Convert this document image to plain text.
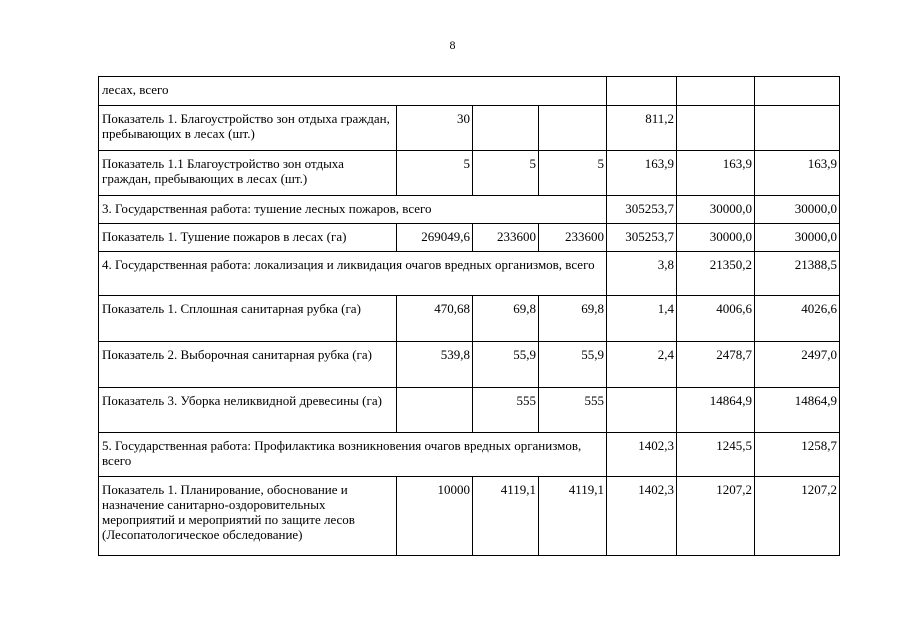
8
лесах, всего						
Показатель 1. Благоустройство зон отдыха граждан, пребывающих в лесах (шт.)	30			811,2		
Показатель 1.1 Благоустройство зон отдыха граждан, пребывающих в лесах (шт.)	5	5	5	163,9	163,9	163,9
3. Государственная работа: тушение лесных пожаров, всего				305253,7	30000,0	30000,0
Показатель 1. Тушение пожаров в лесах (га)	269049,6	233600	233600	305253,7	30000,0	30000,0
4. Государственная работа: локализация и ликвидация очагов вредных организмов, всего				3,8	21350,2	21388,5
Показатель 1. Сплошная санитарная рубка (га)	470,68	69,8	69,8	1,4	4006,6	4026,6
Показатель 2. Выборочная санитарная рубка (га)	539,8	55,9	55,9	2,4	2478,7	2497,0
Показатель 3. Уборка неликвидной древесины (га)		555	555		14864,9	14864,9
5. Государственная работа: Профилактика возникновения очагов вредных организмов, всего				1402,3	1245,5	1258,7
Показатель 1. Планирование, обоснование и назначение санитарно-оздоровительных мероприятий и мероприятий по защите лесов (Лесопатологическое обследование)	10000	4119,1	4119,1	1402,3	1207,2	1207,2
